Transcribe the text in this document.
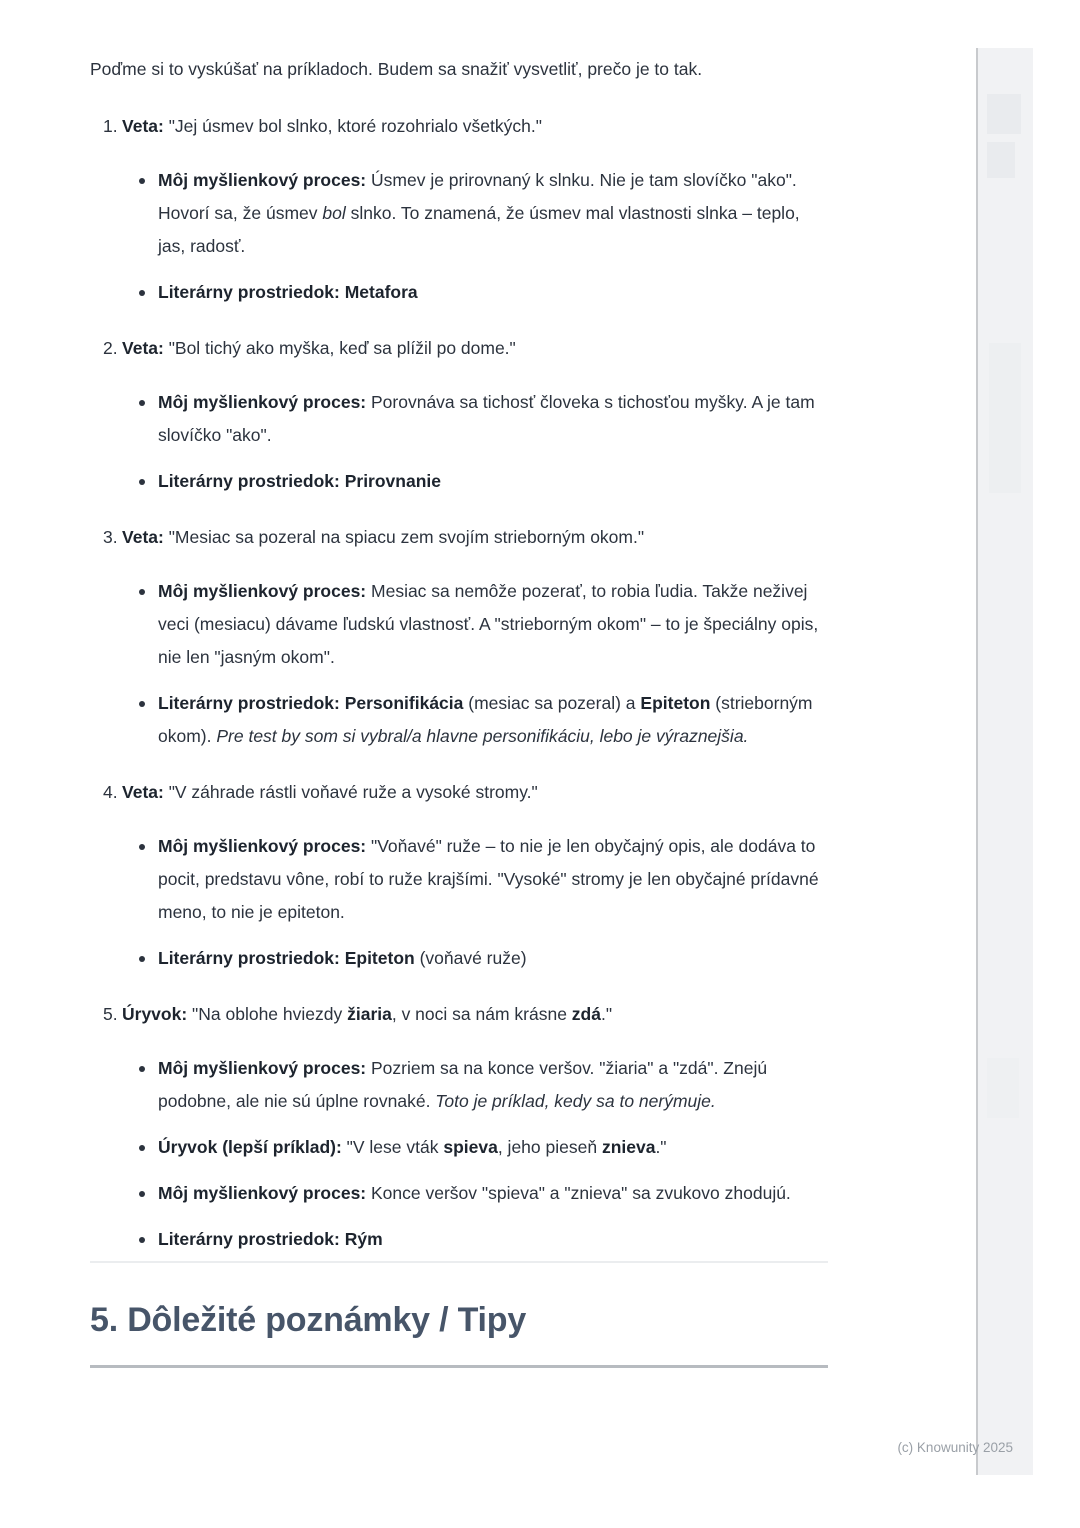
Poďme si to vyskúšať na príkladoch. Budem sa snažiť vysvetliť, prečo je to tak.

1. Veta: "Jej úsmev bol slnko, ktoré rozohrialo všetkých."
Môj myšlienkový proces: Úsmev je prirovnaný k slnku. Nie je tam slovíčko "ako". Hovorí sa, že úsmev bol slnko. To znamená, že úsmev mal vlastnosti slnka – teplo, jas, radosť.
Literárny prostriedok: Metafora
2. Veta: "Bol tichý ako myška, keď sa plížil po dome."
Môj myšlienkový proces: Porovnáva sa tichosť človeka s tichosťou myšky. A je tam slovíčko "ako".
Literárny prostriedok: Prirovnanie
3. Veta: "Mesiac sa pozeral na spiacu zem svojím strieborným okom."
Môj myšlienkový proces: Mesiac sa nemôže pozerať, to robia ľudia. Takže neživej veci (mesiacu) dávame ľudskú vlastnosť. A "strieborným okom" – to je špeciálny opis, nie len "jasným okom".
Literárny prostriedok: Personifikácia (mesiac sa pozeral) a Epiteton (strieborným okom). Pre test by som si vybral/a hlavne personifikáciu, lebo je výraznejšia.
4. Veta: "V záhrade rástli voňavé ruže a vysoké stromy."
Môj myšlienkový proces: "Voňavé" ruže – to nie je len obyčajný opis, ale dodáva to pocit, predstavu vône, robí to ruže krajšími. "Vysoké" stromy je len obyčajné prídavné meno, to nie je epiteton.
Literárny prostriedok: Epiteton (voňavé ruže)
5. Úryvok: "Na oblohe hviezdy žiaria, v noci sa nám krásne zdá."
Môj myšlienkový proces: Pozriem sa na konce veršov. "žiaria" a "zdá". Znejú podobne, ale nie sú úplne rovnaké. Toto je príklad, kedy sa to nerýmuje.
Úryvok (lepší príklad): "V lese vták spieva, jeho pieseň znieva."
Môj myšlienkový proces: Konce veršov "spieva" a "znieva" sa zvukovo zhodujú.
Literárny prostriedok: Rým
5. Dôležité poznámky / Tipy
(c) Knowunity 2025
